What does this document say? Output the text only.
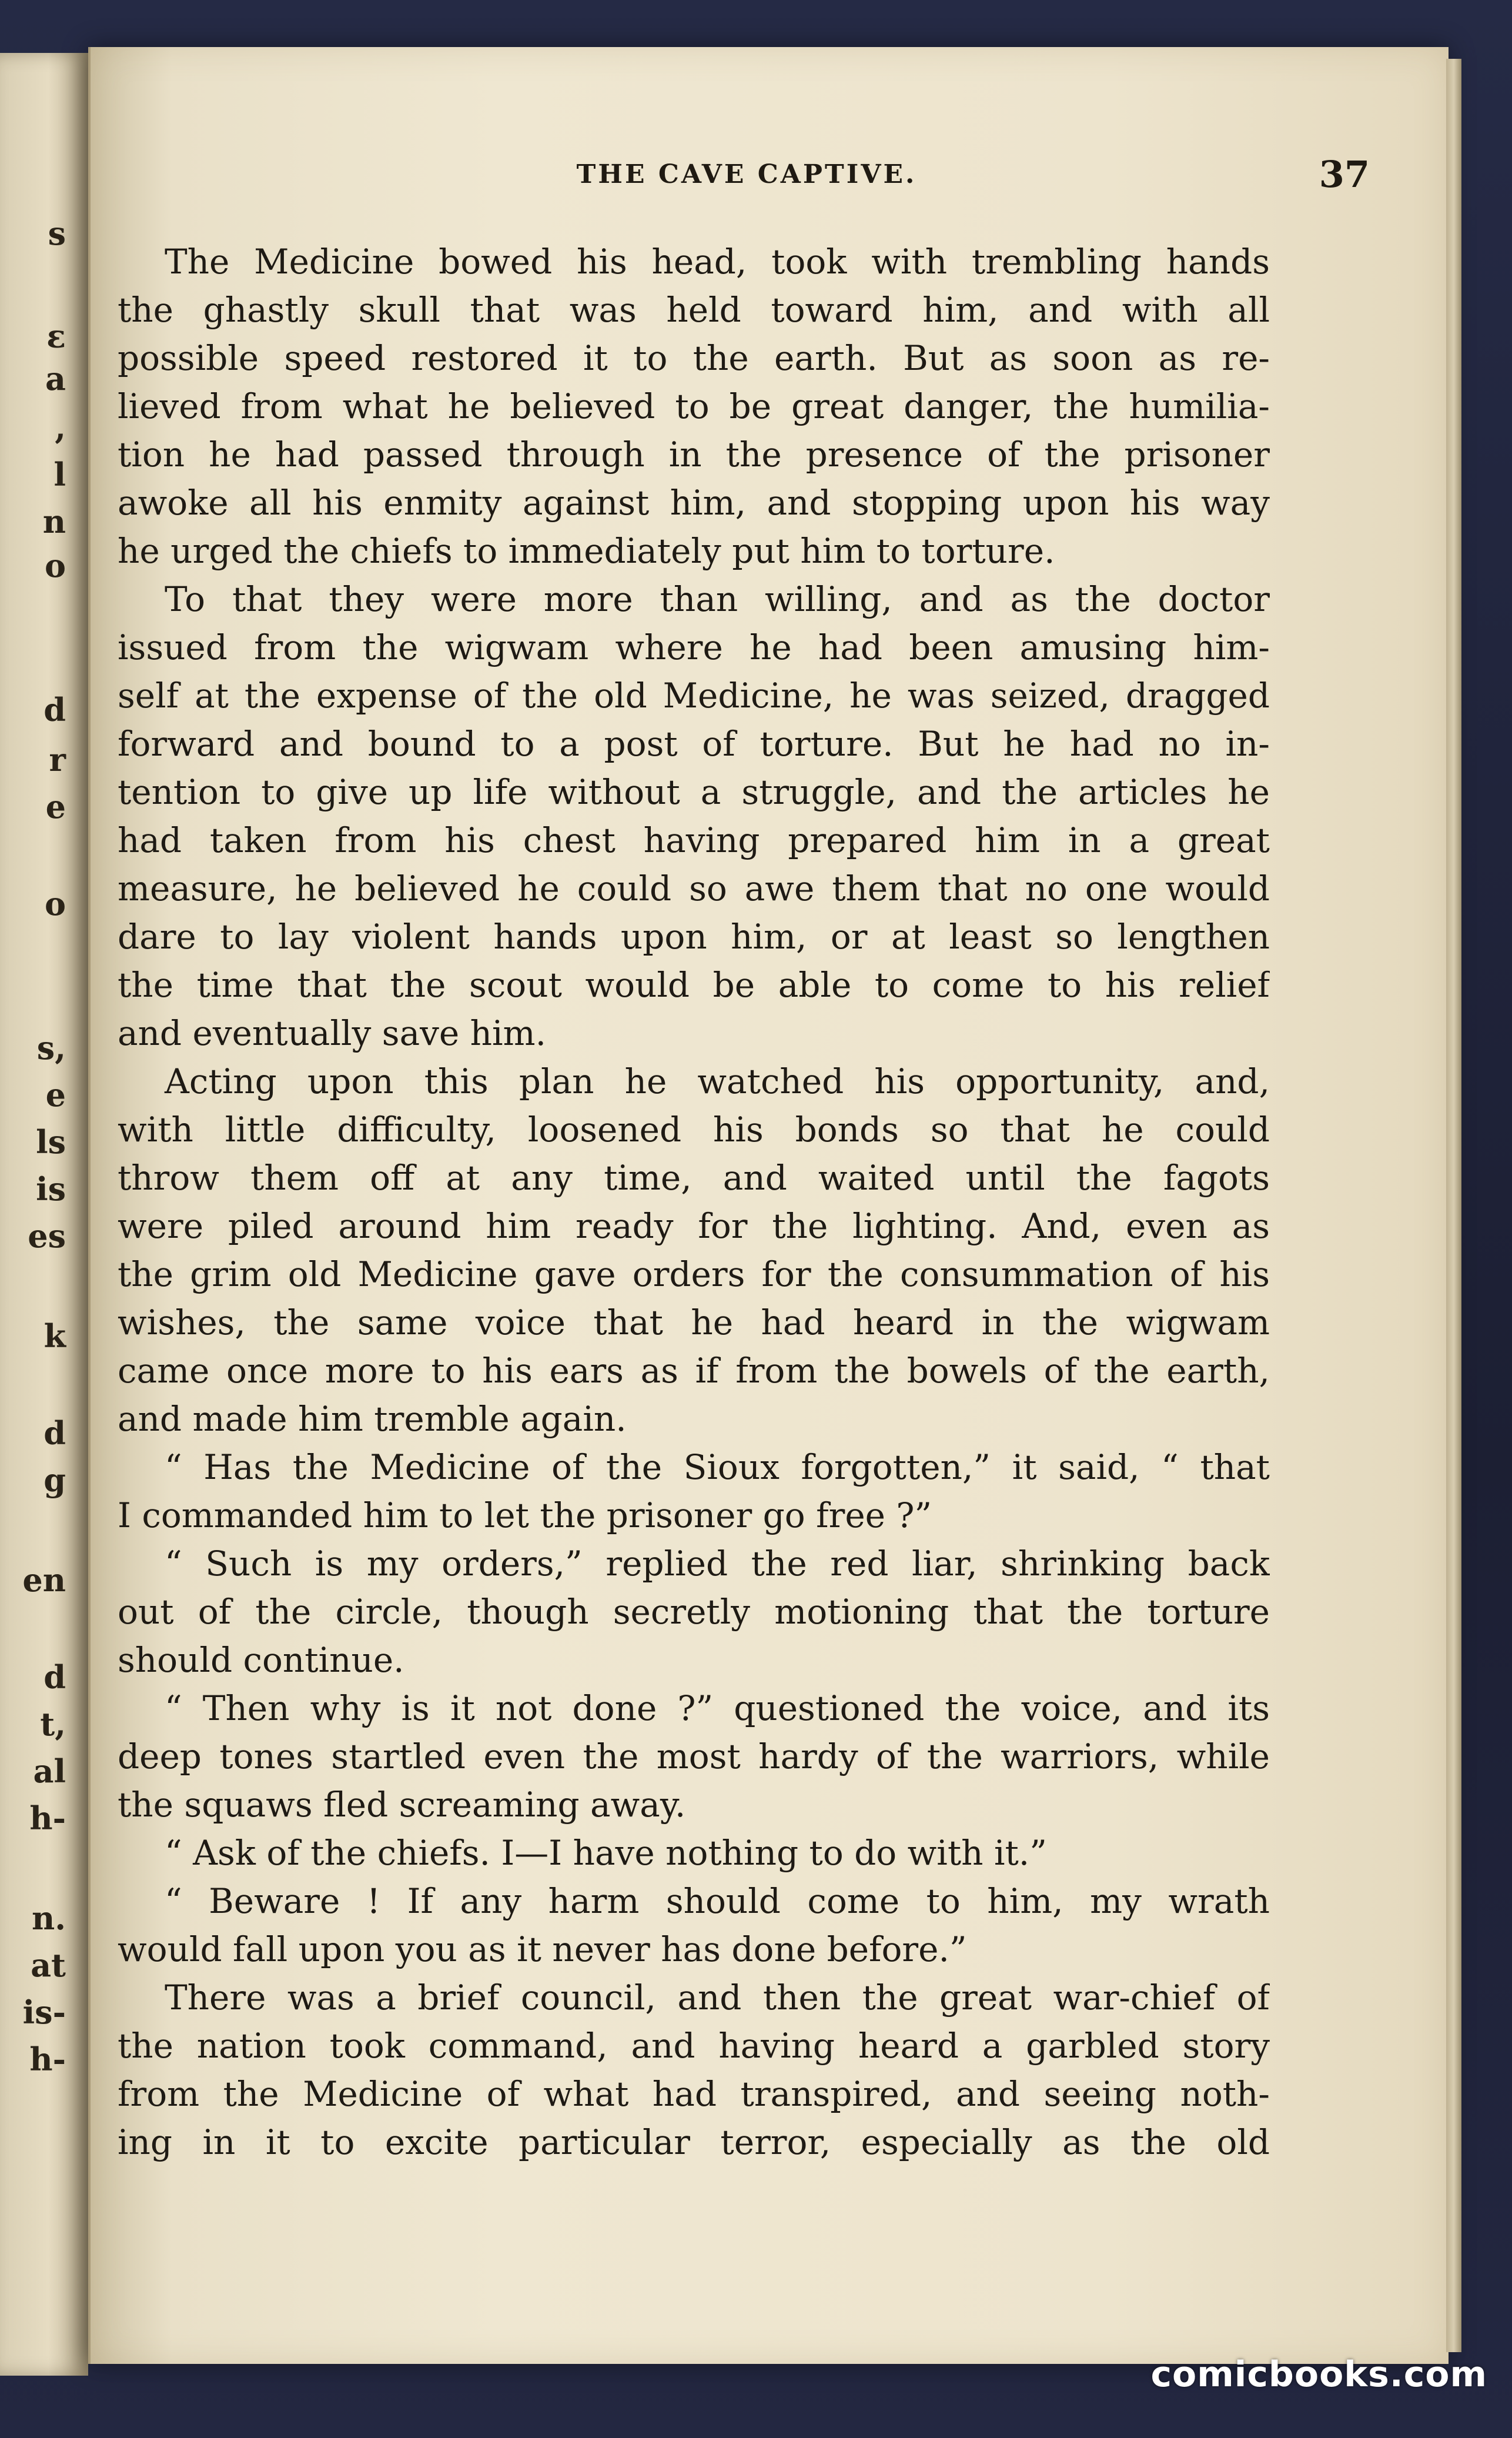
s
ε
a
,
l
n
o
d
r
e
o
s,
e
ls
is
es
k
d
g
en
d
t,
al
h-
n.
at
is-
h-
THE CAVE CAPTIVE.	37
The Medicine bowed his head, took with trembling hands
the ghastly skull that was held toward him, and with all
possible speed restored it to the earth. But as soon as re-
lieved from what he believed to be great danger, the humilia-
tion he had passed through in the presence of the prisoner
awoke all his enmity against him, and stopping upon his way
he urged the chiefs to immediately put him to torture.
To that they were more than willing, and as the doctor
issued from the wigwam where he had been amusing him-
self at the expense of the old Medicine, he was seized, dragged
forward and bound to a post of torture. But he had no in-
tention to give up life without a struggle, and the articles he
had taken from his chest having prepared him in a great
measure, he believed he could so awe them that no one would
dare to lay violent hands upon him, or at least so lengthen
the time that the scout would be able to come to his relief
and eventually save him.
Acting upon this plan he watched his opportunity, and,
with little difficulty, loosened his bonds so that he could
throw them off at any time, and waited until the fagots
were piled around him ready for the lighting. And, even as
the grim old Medicine gave orders for the consummation of his
wishes, the same voice that he had heard in the wigwam
came once more to his ears as if from the bowels of the earth,
and made him tremble again.
“ Has the Medicine of the Sioux forgotten,” it said, “ that
I commanded him to let the prisoner go free ?”
“ Such is my orders,” replied the red liar, shrinking back
out of the circle, though secretly motioning that the torture
should continue.
“ Then why is it not done ?” questioned the voice, and its
deep tones startled even the most hardy of the warriors, while
the squaws fled screaming away.
“ Ask of the chiefs. I—I have nothing to do with it.”
“ Beware ! If any harm should come to him, my wrath
would fall upon you as it never has done before.”
There was a brief council, and then the great war-chief of
the nation took command, and having heard a garbled story
from the Medicine of what had transpired, and seeing noth-
ing in it to excite particular terror, especially as the old
comicbooks.com
